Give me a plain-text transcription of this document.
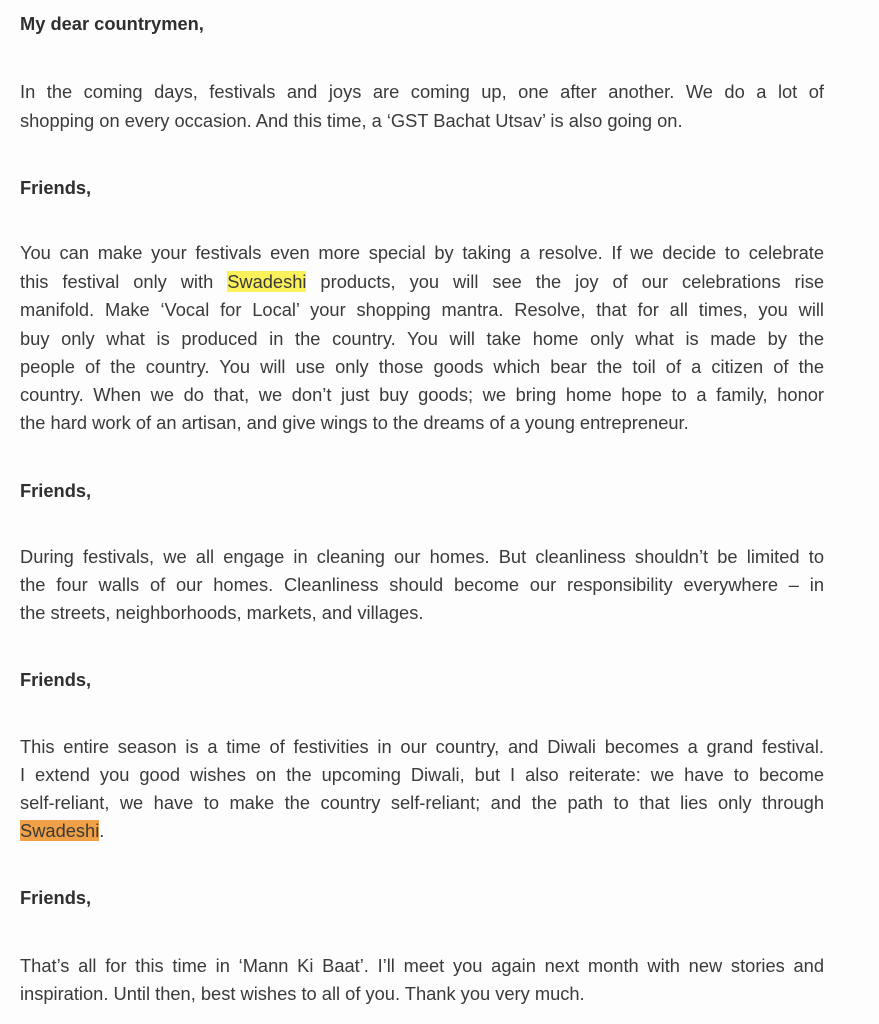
My dear countrymen,
In the coming days, festivals and joys are coming up, one after another. We do a lot of
shopping on every occasion. And this time, a ‘GST Bachat Utsav’ is also going on.
Friends,
You can make your festivals even more special by taking a resolve. If we decide to celebrate
this festival only with Swadeshi products, you will see the joy of our celebrations rise
manifold. Make ‘Vocal for Local’ your shopping mantra. Resolve, that for all times, you will
buy only what is produced in the country. You will take home only what is made by the
people of the country. You will use only those goods which bear the toil of a citizen of the
country. When we do that, we don’t just buy goods; we bring home hope to a family, honor
the hard work of an artisan, and give wings to the dreams of a young entrepreneur.
Friends,
During festivals, we all engage in cleaning our homes. But cleanliness shouldn’t be limited to
the four walls of our homes. Cleanliness should become our responsibility everywhere – in
the streets, neighborhoods, markets, and villages.
Friends,
This entire season is a time of festivities in our country, and Diwali becomes a grand festival.
I extend you good wishes on the upcoming Diwali, but I also reiterate: we have to become
self-reliant, we have to make the country self-reliant; and the path to that lies only through
Swadeshi.
Friends,
That’s all for this time in ‘Mann Ki Baat’. I’ll meet you again next month with new stories and
inspiration. Until then, best wishes to all of you. Thank you very much.
